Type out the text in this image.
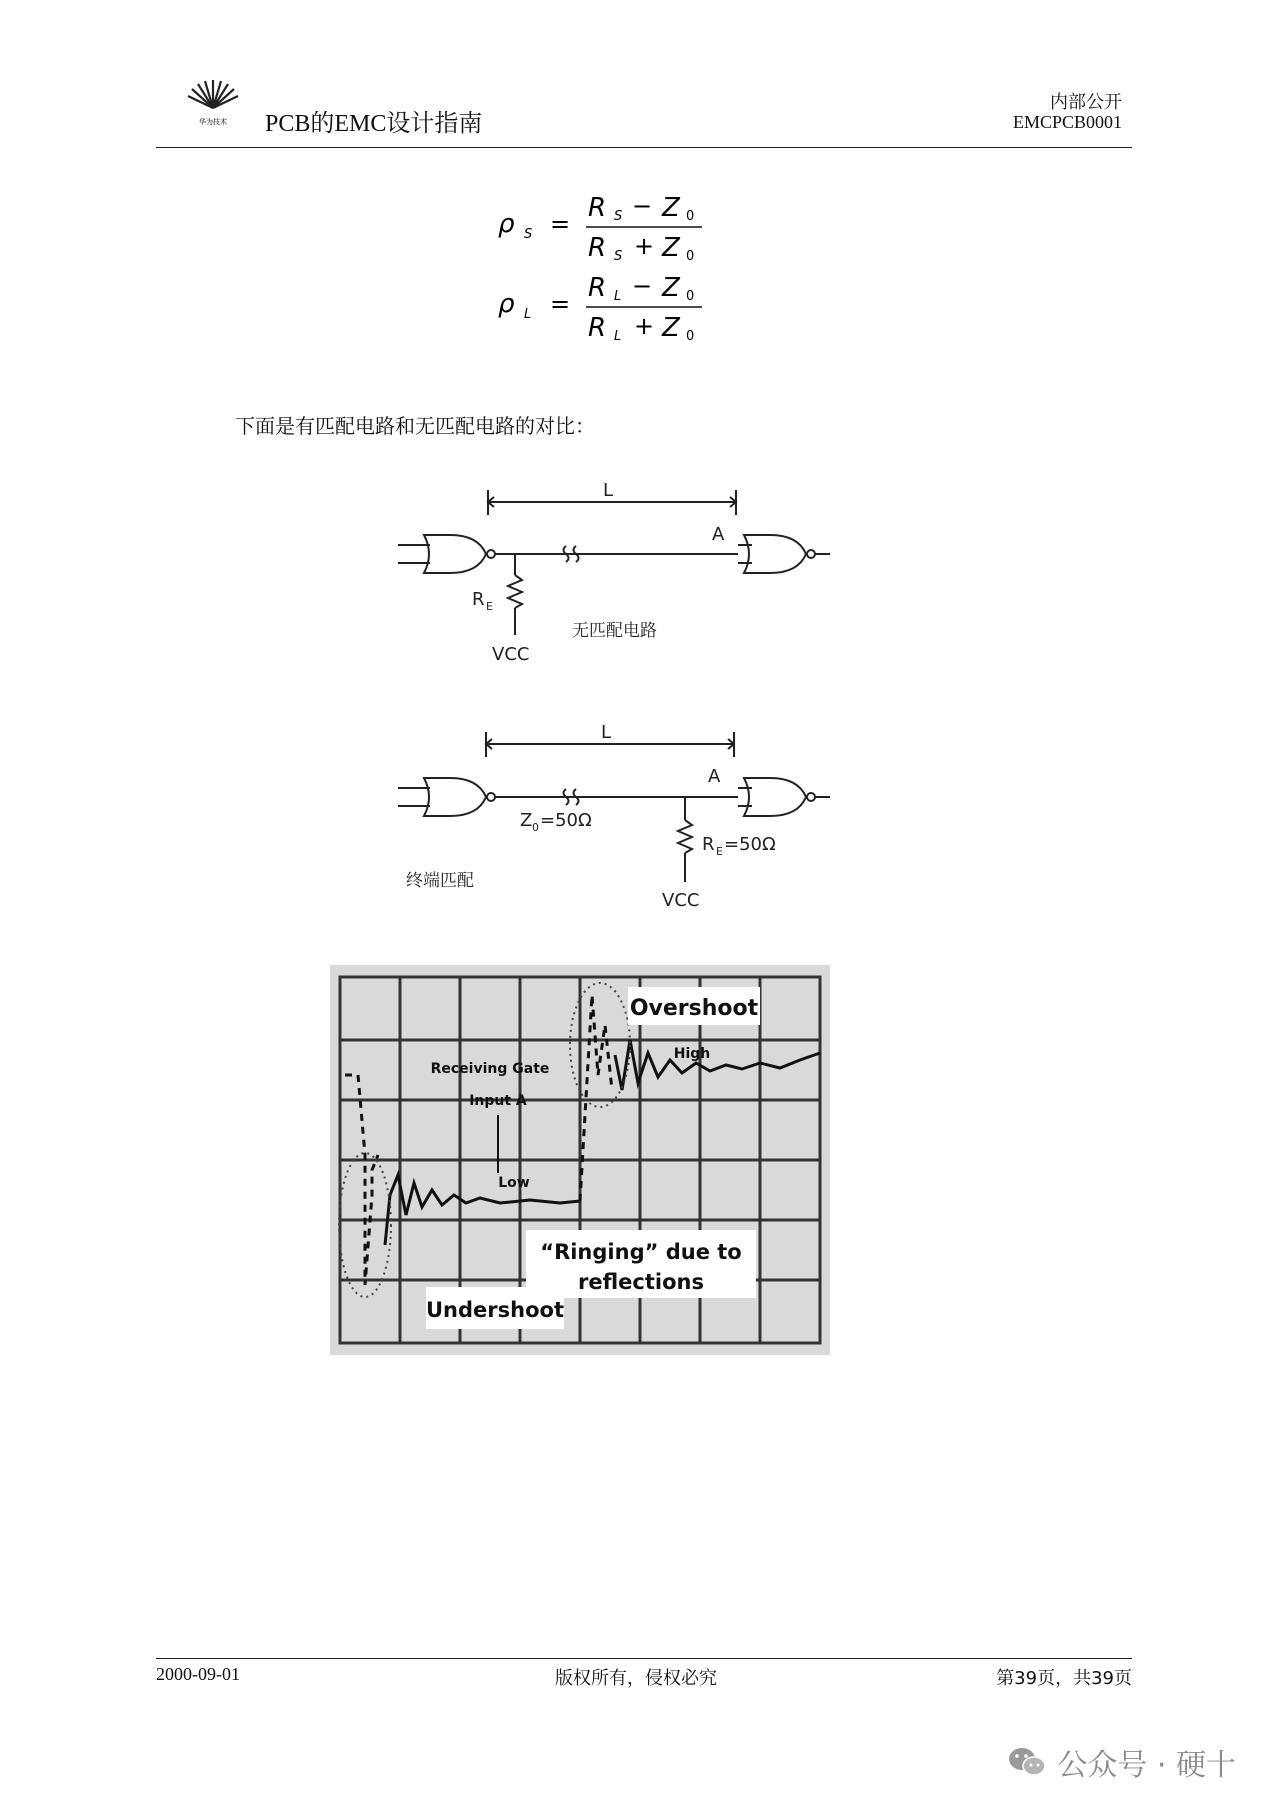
华为技术 PCB的EMC设计指南
内部公开
EMCPCB0001
ρ S =
R S − Z 0
R S + Z 0
ρ L =
R L − Z 0
R L + Z 0
下面是有匹配电路和无匹配电路的对比：
L
A
R E
VCC
无匹配电路
L
A
Z 0 =50Ω
R E =50Ω
VCC
终端匹配
Overshoot
High
Receiving Gate
Input A
Low
“Ringing” due to
reflections
Undershoot
2000-09-01	版权所有，侵权必究	第39页，共39页
公众号 · 硬十
